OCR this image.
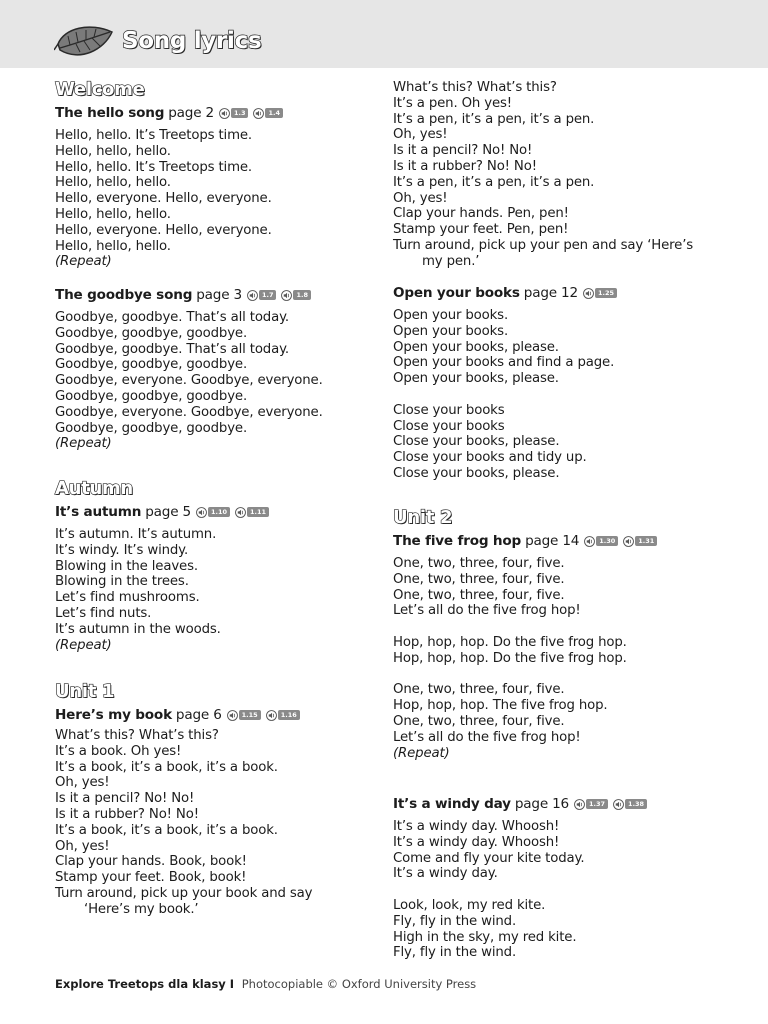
Song lyrics
Welcome
The hello song page 2	1.3	1.4
Hello, hello. It’s Treetops time.
Hello, hello, hello.
Hello, hello. It’s Treetops time.
Hello, hello, hello.
Hello, everyone. Hello, everyone.
Hello, hello, hello.
Hello, everyone. Hello, everyone.
Hello, hello, hello.
(Repeat)
The goodbye song page 3	1.7	1.8
Goodbye, goodbye. That’s all today.
Goodbye, goodbye, goodbye.
Goodbye, goodbye. That’s all today.
Goodbye, goodbye, goodbye.
Goodbye, everyone. Goodbye, everyone.
Goodbye, goodbye, goodbye.
Goodbye, everyone. Goodbye, everyone.
Goodbye, goodbye, goodbye.
(Repeat)
Autumn
It’s autumn page 5	1.10	1.11
It’s autumn. It’s autumn.
It’s windy. It’s windy.
Blowing in the leaves.
Blowing in the trees.
Let’s find mushrooms.
Let’s find nuts.
It’s autumn in the woods.
(Repeat)
Unit 1
Here’s my book page 6	1.15	1.16
What’s this? What’s this?
It’s a book. Oh yes!
It’s a book, it’s a book, it’s a book.
Oh, yes!
Is it a pencil? No! No!
Is it a rubber? No! No!
It’s a book, it’s a book, it’s a book.
Oh, yes!
Clap your hands. Book, book!
Stamp your feet. Book, book!
Turn around, pick up your book and say
‘Here’s my book.’
What’s this? What’s this?
It’s a pen. Oh yes!
It’s a pen, it’s a pen, it’s a pen.
Oh, yes!
Is it a pencil? No! No!
Is it a rubber? No! No!
It’s a pen, it’s a pen, it’s a pen.
Oh, yes!
Clap your hands. Pen, pen!
Stamp your feet. Pen, pen!
Turn around, pick up your pen and say ‘Here’s
my pen.’
Open your books page 12	1.25
Open your books.
Open your books.
Open your books, please.
Open your books and find a page.
Open your books, please.
Close your books
Close your books
Close your books, please.
Close your books and tidy up.
Close your books, please.
Unit 2
The five frog hop page 14	1.30	1.31
One, two, three, four, five.
One, two, three, four, five.
One, two, three, four, five.
Let’s all do the five frog hop!
Hop, hop, hop. Do the five frog hop.
Hop, hop, hop. Do the five frog hop.
One, two, three, four, five.
Hop, hop, hop. The five frog hop.
One, two, three, four, five.
Let’s all do the five frog hop!
(Repeat)
It’s a windy day page 16	1.37	1.38
It’s a windy day. Whoosh!
It’s a windy day. Whoosh!
Come and fly your kite today.
It’s a windy day.
Look, look, my red kite.
Fly, fly in the wind.
High in the sky, my red kite.
Fly, fly in the wind.
Explore Treetops dla klasy I Photocopiable © Oxford University Press
